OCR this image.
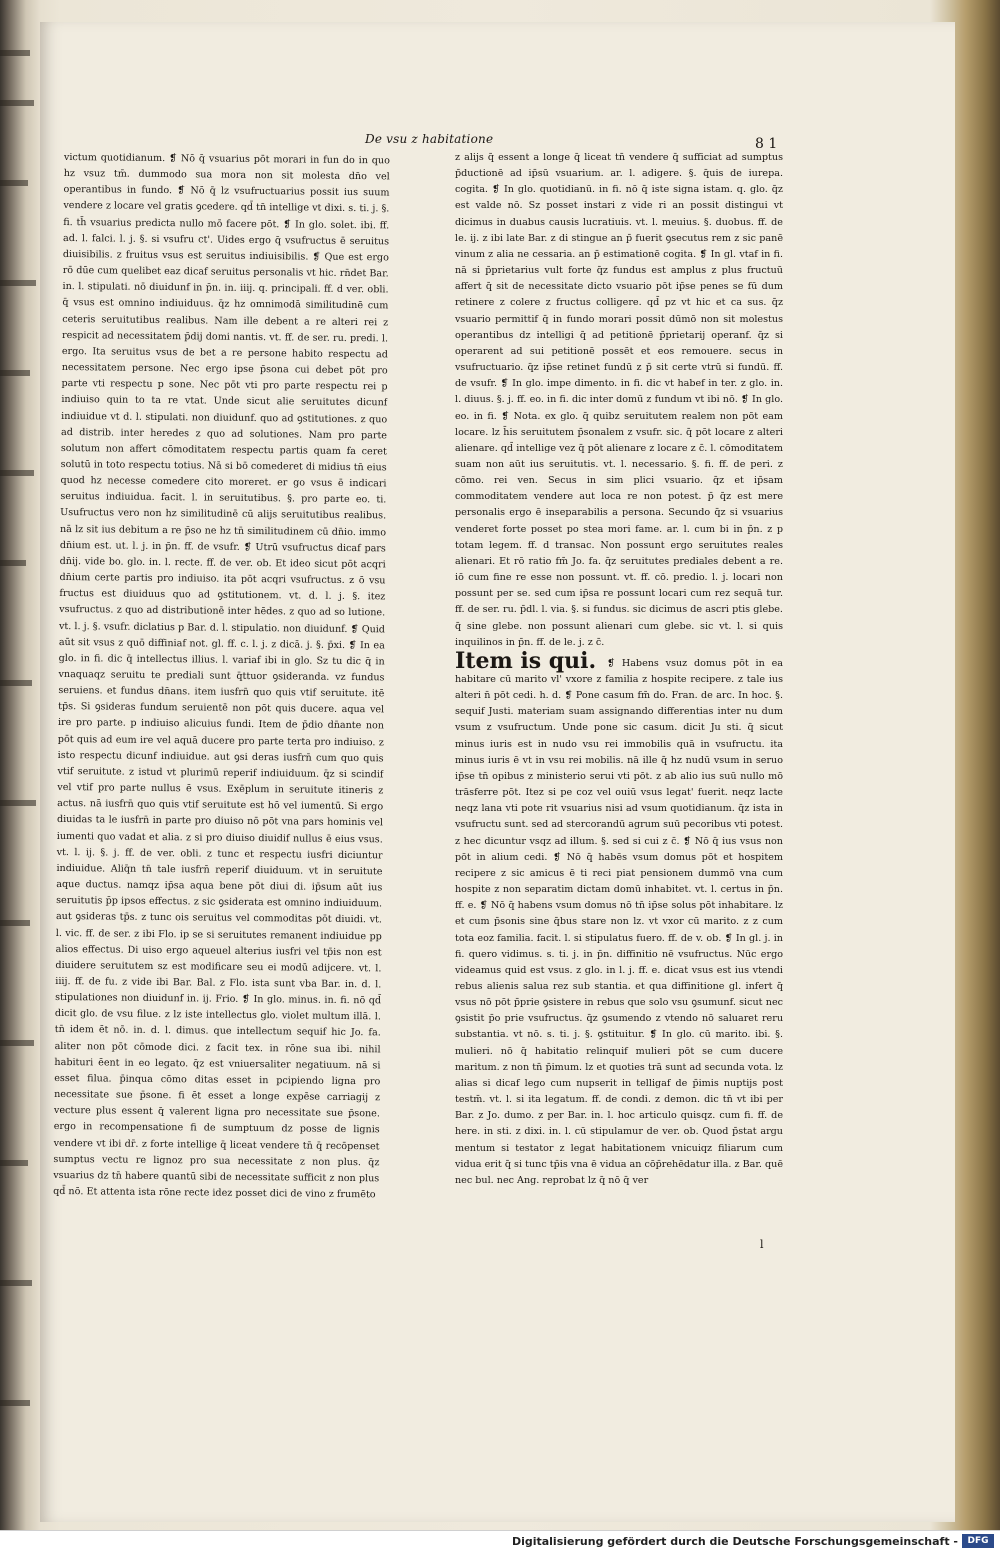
De vsu z habitatione	8 1

victum quotidianum. ❡ Nō q̄ vsuarius pōt morari in fun do in quo hz vsuz tm̄. dummodo sua mora non sit molesta dn̄o vel operantibus in fundo. ❡ Nō q̄ lz vsufructuarius possit ius suum vendere z locare vel gratis ꝯcedere. qd̄ tn̄ intellige vt dixi. s. ti. j. §. fi. th̄ vsuarius predicta nullo mō facere pōt. ❡ In glo. solet. ibi. ff. ad. l. falci. l. j. §. si vsufru ct'. Uides ergo q̄ vsufructus ē seruitus diuisibilis. z fruitus vsus est seruitus indiuisibilis. ❡ Que est ergo rō dūe cum quelibet eaz dicaf seruitus personalis vt hic. rn̄det Bar. in. l. stipulati. nō diuidunf in p̄n. in. iiij. q. principali. ff. d ver. obli. q̄ vsus est omnino indiuiduus. q̄z hz omnimodā similitudinē cum ceteris seruitutibus realibus. Nam ille debent a re alteri rei z respicit ad necessitatem p̄dij domi nantis. vt. ff. de ser. ru. predi. l. ergo. Ita seruitus vsus de bet a re persone habito respectu ad necessitatem persone. Nec ergo ipse p̄sona cui debet pōt pro parte vti respectu p sone. Nec pōt vti pro parte respectu rei p indiuiso quin to ta re vtat. Unde sicut alie seruitutes dicunf indiuidue vt d. l. stipulati. non diuidunf. quo ad ꝯstitutiones. z quo ad distrib. inter heredes z quo ad solutiones. Nam pro parte solutum non affert cōmoditatem respectu partis quam fa ceret solutū in toto respectu totius. Nā si bō comederet di midius tn̄ eius quod hz necesse comedere cito moreret. er go vsus ē indicari seruitus indiuidua. facit. l. in seruitutibus. §. pro parte eo. ti. Usufructus vero non hz similitudinē cū alijs seruitutibus realibus. nā lz sit ius debitum a re p̄so ne hz tn̄ similitudinem cū dn̄io. immo dn̄ium est. ut. l. j. in p̄n. ff. de vsufr. ❡ Utrū vsufructus dicaf pars dn̄ij. vide bo. glo. in. l. recte. ff. de ver. ob. Et ideo sicut pōt acqri dn̄ium certe partis pro indiuiso. ita pōt acqri vsufructus. z ō vsu fructus est diuiduus quo ad ꝯstitutionem. vt. d. l. j. §. itez vsufructus. z quo ad distributionē inter hēdes. z quo ad so lutione. vt. l. j. §. vsufr. diclatius p Bar. d. l. stipulatio. non diuidunf. ❡ Quid aūt sit vsus z quō diffiniaf not. gl. ff. c. l. j. z dicā. j. §. p̄xi. ❡ In ea glo. in fi. dic q̄ intellectus illius. l. variaf ibi in glo. Sz tu dic q̄ in vnaquaqz seruitu te prediali sunt q̄ttuor ꝯsideranda. vz fundus seruiens. et fundus dn̄ans. item iusfrn̄ quo quis vtif seruitute. itē tp̄s. Si ꝯsideras fundum seruientē non pōt quis ducere. aqua vel ire pro parte. p indiuiso alicuius fundi. Item de p̄dio dn̄ante non pōt quis ad eum ire vel aquā ducere pro parte terta pro indiuiso. z isto respectu dicunf indiuidue. aut ꝯsi deras iusfrn̄ cum quo quis vtif seruitute. z istud vt plurimū reperif indiuiduum. q̄z si scindif vel vtif pro parte nullus ē vsus. Exēplum in seruitute itineris z actus. nā iusfrn̄ quo quis vtif seruitute est hō vel iumentū. Si ergo diuidas ta le iusfrn̄ in parte pro diuiso nō pōt vna pars hominis vel iumenti quo vadat et alia. z si pro diuiso diuidif nullus ē eius vsus. vt. l. ij. §. j. ff. de ver. obli. z tunc et respectu iusfri diciuntur indiuidue. Aliq̄n tn̄ tale iusfrn̄ reperif diuiduum. vt in seruitute aque ductus. namqz ip̄sa aqua bene pōt diui di. ip̄sum aūt ius seruitutis p̄p ipsos effectus. z sic ꝯsiderata est omnino indiuiduum. aut ꝯsideras tp̄s. z tunc ois seruitus vel commoditas pōt diuidi. vt. l. vic. ff. de ser. z ibi Flo. ip se si seruitutes remanent indiuidue pp alios effectus. Di uiso ergo aqueuel alterius iusfri vel tp̄is non est diuidere seruitutem sz est modificare seu ei modū adijcere. vt. l. iiij. ff. de fu. z vide ibi Bar. Bal. z Flo. ista sunt vba Bar. in. d. l. stipulationes non diuidunf in. ij. Frio. ❡ In glo. minus. in. fi. nō qd̄ dicit glo. de vsu filue. z lz iste intellectus glo. violet multum illā. l. tn̄ idem ēt nō. in. d. l. dimus. que intellectum sequif hic Jo. fa. aliter non pōt cōmode dici. z facit tex. in rōne sua ibi. nihil habituri ēent in eo legato. q̄z est vniuersaliter negatiuum. nā si esset filua. p̄inqua cōmo ditas esset in pcipiendo ligna pro necessitate sue p̄sone. fi ēt esset a longe expēse carriagij z vecture plus essent q̄ valerent ligna pro necessitate sue p̄sone. ergo in recompensatione fi de sumptuum dz posse de lignis vendere vt ibi dr̄. z forte intellige q̄ liceat vendere tn̄ q̄ recōpenset sumptus vectu re lignoz pro sua necessitate z non plus. q̄z vsuarius dz tn̄ habere quantū sibi de necessitate sufficit z non plus qd̄ nō. Et attenta ista rōne recte idez posset dici de vino z frumēto

z alijs q̄ essent a longe q̄ liceat tn̄ vendere q̄ sufficiat ad sumptus p̄ductionē ad ip̄sū vsuarium. ar. l. adigere. §. q̄uis de iurepa. cogita. ❡ In glo. quotidianū. in fi. nō q̄ iste signa istam. q. glo. q̄z est valde nō. Sz posset instari z vide ri an possit distingui vt dicimus in duabus causis lucratiuis. vt. l. meuius. §. duobus. ff. de le. ij. z ibi late Bar. z di stingue an p̄ fuerit ꝯsecutus rem z sic panē vinum z alia ne cessaria. an p̄ estimationē cogita. ❡ In gl. vtaf in fi. nā si p̄prietarius vult forte q̄z fundus est amplus z plus fructuū affert q̄ sit de necessitate dicto vsuario pōt ip̄se penes se fū dum retinere z colere z fructus colligere. qd̄ pz vt hic et ca sus. q̄z vsuario permittif q̄ in fundo morari possit dūmō non sit molestus operantibus dz intelligi q̄ ad petitionē p̄prietarij operanf. q̄z si operarent ad sui petitionē possēt et eos remouere. secus in vsufructuario. q̄z ip̄se retinet fundū z p̄ sit certe vtrū si fundū. ff. de vsufr. ❡ In glo. impe dimento. in fi. dic vt habef in ter. z glo. in. l. diuus. §. j. ff. eo. in fi. dic inter domū z fundum vt ibi nō. ❡ In glo. eo. in fi. ❡ Nota. ex glo. q̄ quibz seruitutem realem non pōt eam locare. lz h̄is seruitutem p̄sonalem z vsufr. sic. q̄ pōt locare z alteri alienare. qd̄ intellige vez q̄ pōt alienare z locare z c̄. l. cōmoditatem suam non aūt ius seruitutis. vt. l. necessario. §. fi. ff. de peri. z cōmo. rei ven. Secus in sim plici vsuario. q̄z et ip̄sam commoditatem vendere aut loca re non potest. p̄ q̄z est mere personalis ergo ē inseparabilis a persona. Secundo q̄z si vsuarius venderet forte posset po stea mori fame. ar. l. cum bi in p̄n. z p totam legem. ff. d transac. Non possunt ergo seruitutes reales alienari. Et rō ratio fm̄ Jo. fa. q̄z seruitutes prediales debent a re. iō cum fine re esse non possunt. vt. ff. cō. predio. l. j. locari non possunt per se. sed cum ip̄sa re possunt locari cum rez sequā tur. ff. de ser. ru. p̄dl. l. via. §. si fundus. sic dicimus de ascri ptis glebe. q̄ sine glebe. non possunt alienari cum glebe. sic vt. l. si quis inquilinos in p̄n. ff. de le. j. z c̄.

Item is qui. ❡ Habens vsuz domus pōt in ea habitare cū marito vl' vxore z familia z hospite recipere. z tale ius alteri n̄ pōt cedi. h. d. ❡ Pone casum fm̄ do. Fran. de arc. In hoc. §. sequif Justi. materiam suam assignando differentias inter nu dum vsum z vsufructum. Unde pone sic casum. dicit Ju sti. q̄ sicut minus iuris est in nudo vsu rei immobilis quā in vsufructu. ita minus iuris ē vt in vsu rei mobilis. nā ille q̄ hz nudū vsum in seruo ip̄se tn̄ opibus z ministerio serui vti pōt. z ab alio ius suū nullo mō trāsferre pōt. Itez si pe coz vel ouiū vsus legat' fuerit. neqz lacte neqz lana vti pote rit vsuarius nisi ad vsum quotidianum. q̄z ista in vsufructu sunt. sed ad stercorandū agrum suū pecoribus vti potest. z hec dicuntur vsqz ad illum. §. sed si cui z c̄. ❡ Nō q̄ ius vsus non pōt in alium cedi. ❡ Nō q̄ habēs vsum domus pōt et hospitem recipere z sic amicus ē ti reci piat pensionem dummō vna cum hospite z non separatim dictam domū inhabitet. vt. l. certus in p̄n. ff. e. ❡ Nō q̄ habens vsum domus nō tn̄ ip̄se solus pōt inhabitare. lz et cum p̄sonis sine q̄bus stare non lz. vt vxor cū marito. z z cum tota eoz familia. facit. l. si stipulatus fuero. ff. de v. ob. ❡ In gl. j. in fi. quero vidimus. s. ti. j. in p̄n. diffinitio nē vsufructus. Nūc ergo videamus quid est vsus. z glo. in l. j. ff. e. dicat vsus est ius vtendi rebus alienis salua rez sub stantia. et qua diffinitione gl. infert q̄ vsus nō pōt p̄prie ꝯsistere in rebus que solo vsu ꝯsumunf. sicut nec ꝯsistit p̄o prie vsufructus. q̄z ꝯsumendo z vtendo nō saluaret reru substantia. vt nō. s. ti. j. §. ꝯstituitur. ❡ In glo. cū marito. ibi. §. mulieri. nō q̄ habitatio relinquif mulieri pōt se cum ducere maritum. z non tn̄ p̄imum. lz et quoties trā sunt ad secunda vota. lz alias si dicaf lego cum nupserit in telligaf de p̄imis nuptijs post testm̄. vt. l. si ita legatum. ff. de condi. z demon. dic tn̄ vt ibi per Bar. z Jo. dumo. z per Bar. in. l. hoc articulo quisqz. cum fi. ff. de here. in sti. z dixi. in. l. cū stipulamur de ver. ob. Quod p̄stat argu mentum si testator z legat habitationem vnicuiqz filiarum cum vidua erit q̄ si tunc tp̄is vna ē vidua an cōp̄rehēdatur illa. z Bar. quē nec bul. nec Ang. reprobat lz q̄ nō q̄ ver

l
Digitalisierung gefördert durch die Deutsche Forschungsgemeinschaft -	DFG
